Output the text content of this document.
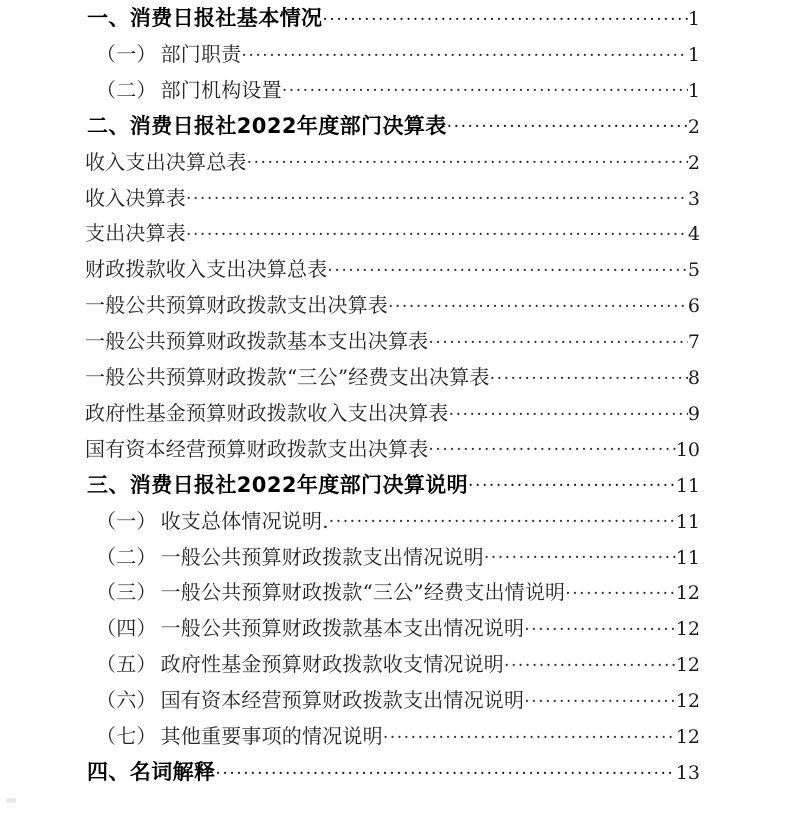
一、消费日报社基本情况 .....	1
（一） 部门职责 .....	1
（二） 部门机构设置 .....	1
二、消费日报社2022年度部门决算表 .....	2
收入支出决算总表 .....	2
收入决算表 .....	3
支出决算表 .....	4
财政拨款收入支出决算总表 .....	5
一般公共预算财政拨款支出决算表 .....	6
一般公共预算财政拨款基本支出决算表 .....	7
一般公共预算财政拨款“三公”经费支出决算表 .....	8
政府性基金预算财政拨款收入支出决算表 .....	9
国有资本经营预算财政拨款支出决算表 .....	10
三、消费日报社2022年度部门决算说明 .....	11
（一） 收支总体情况说明. .....	11
（二） 一般公共预算财政拨款支出情况说明 .....	11
（三） 一般公共预算财政拨款“三公”经费支出情说明 .....	12
（四） 一般公共预算财政拨款基本支出情况说明 .....	12
（五） 政府性基金预算财政拨款收支情况说明 .....	12
（六） 国有资本经营预算财政拨款支出情况说明 .....	12
（七） 其他重要事项的情况说明 .....	12
四、名词解释 .....	13
